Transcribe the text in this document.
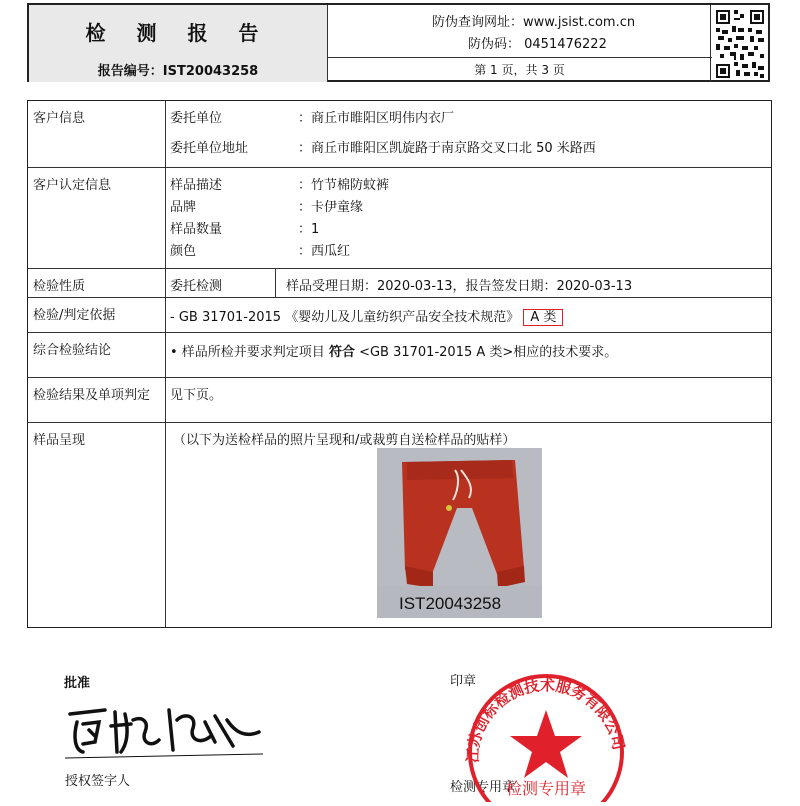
检 测 报 告
报告编号：IST20043258
防伪查询网址：www.jsist.com.cn
防伪码： 0451476222
第 1 页，共 3 页
客户信息	委托单位	：商丘市睢阳区明伟内衣厂
委托单位地址	：商丘市睢阳区凯旋路于南京路交叉口北 50 米路西
客户认定信息	样品描述	：竹节棉防蚊裤
品牌	：卡伊童缘
样品数量	：1
颜色	：西瓜红
检验性质	委托检测	样品受理日期：2020-03-13，报告签发日期：2020-03-13
检验/判定依据	- GB 31701-2015 《婴幼儿及儿童纺织产品安全技术规范》 A 类
综合检验结论	• 样品所检并要求判定项目 符合 <GB 31701-2015 A 类>相应的技术要求。
检验结果及单项判定 见下页。
样品呈现	（以下为送检样品的照片呈现和/或裁剪自送检样品的贴样）
IST20043258
批准
授权签字人
印章
检测专用章
江苏创标检测技术服务有限公司
检测专用章
